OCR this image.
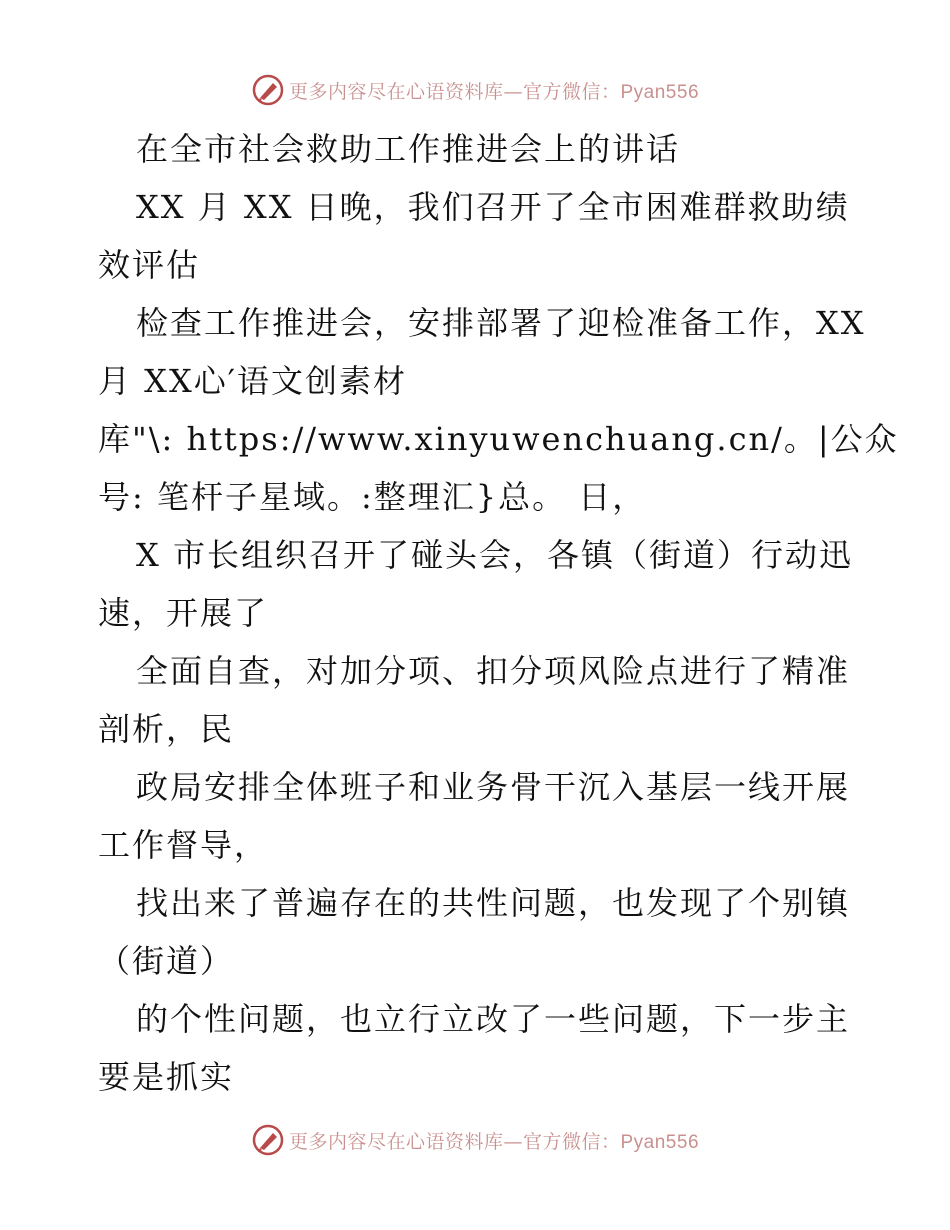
更多内容尽在心语资料库—官方微信：Pyan556
在全市社会救助工作推进会上的讲话
XX 月 XX 日晚，我们召开了全市困难群救助绩
效评估
检查工作推进会，安排部署了迎检准备工作，XX
月 XX心′语文创素材
库"\: https://www.xinyuwenchuang.cn/。|公众
号: 笔杆子星域。:整理汇}总。 日，
X 市长组织召开了碰头会，各镇（街道）行动迅
速，开展了
全面自查，对加分项、扣分项风险点进行了精准
剖析，民
政局安排全体班子和业务骨干沉入基层一线开展
工作督导，
找出来了普遍存在的共性问题，也发现了个别镇
（街道）
的个性问题，也立行立改了一些问题，下一步主
要是抓实
更多内容尽在心语资料库—官方微信：Pyan556
